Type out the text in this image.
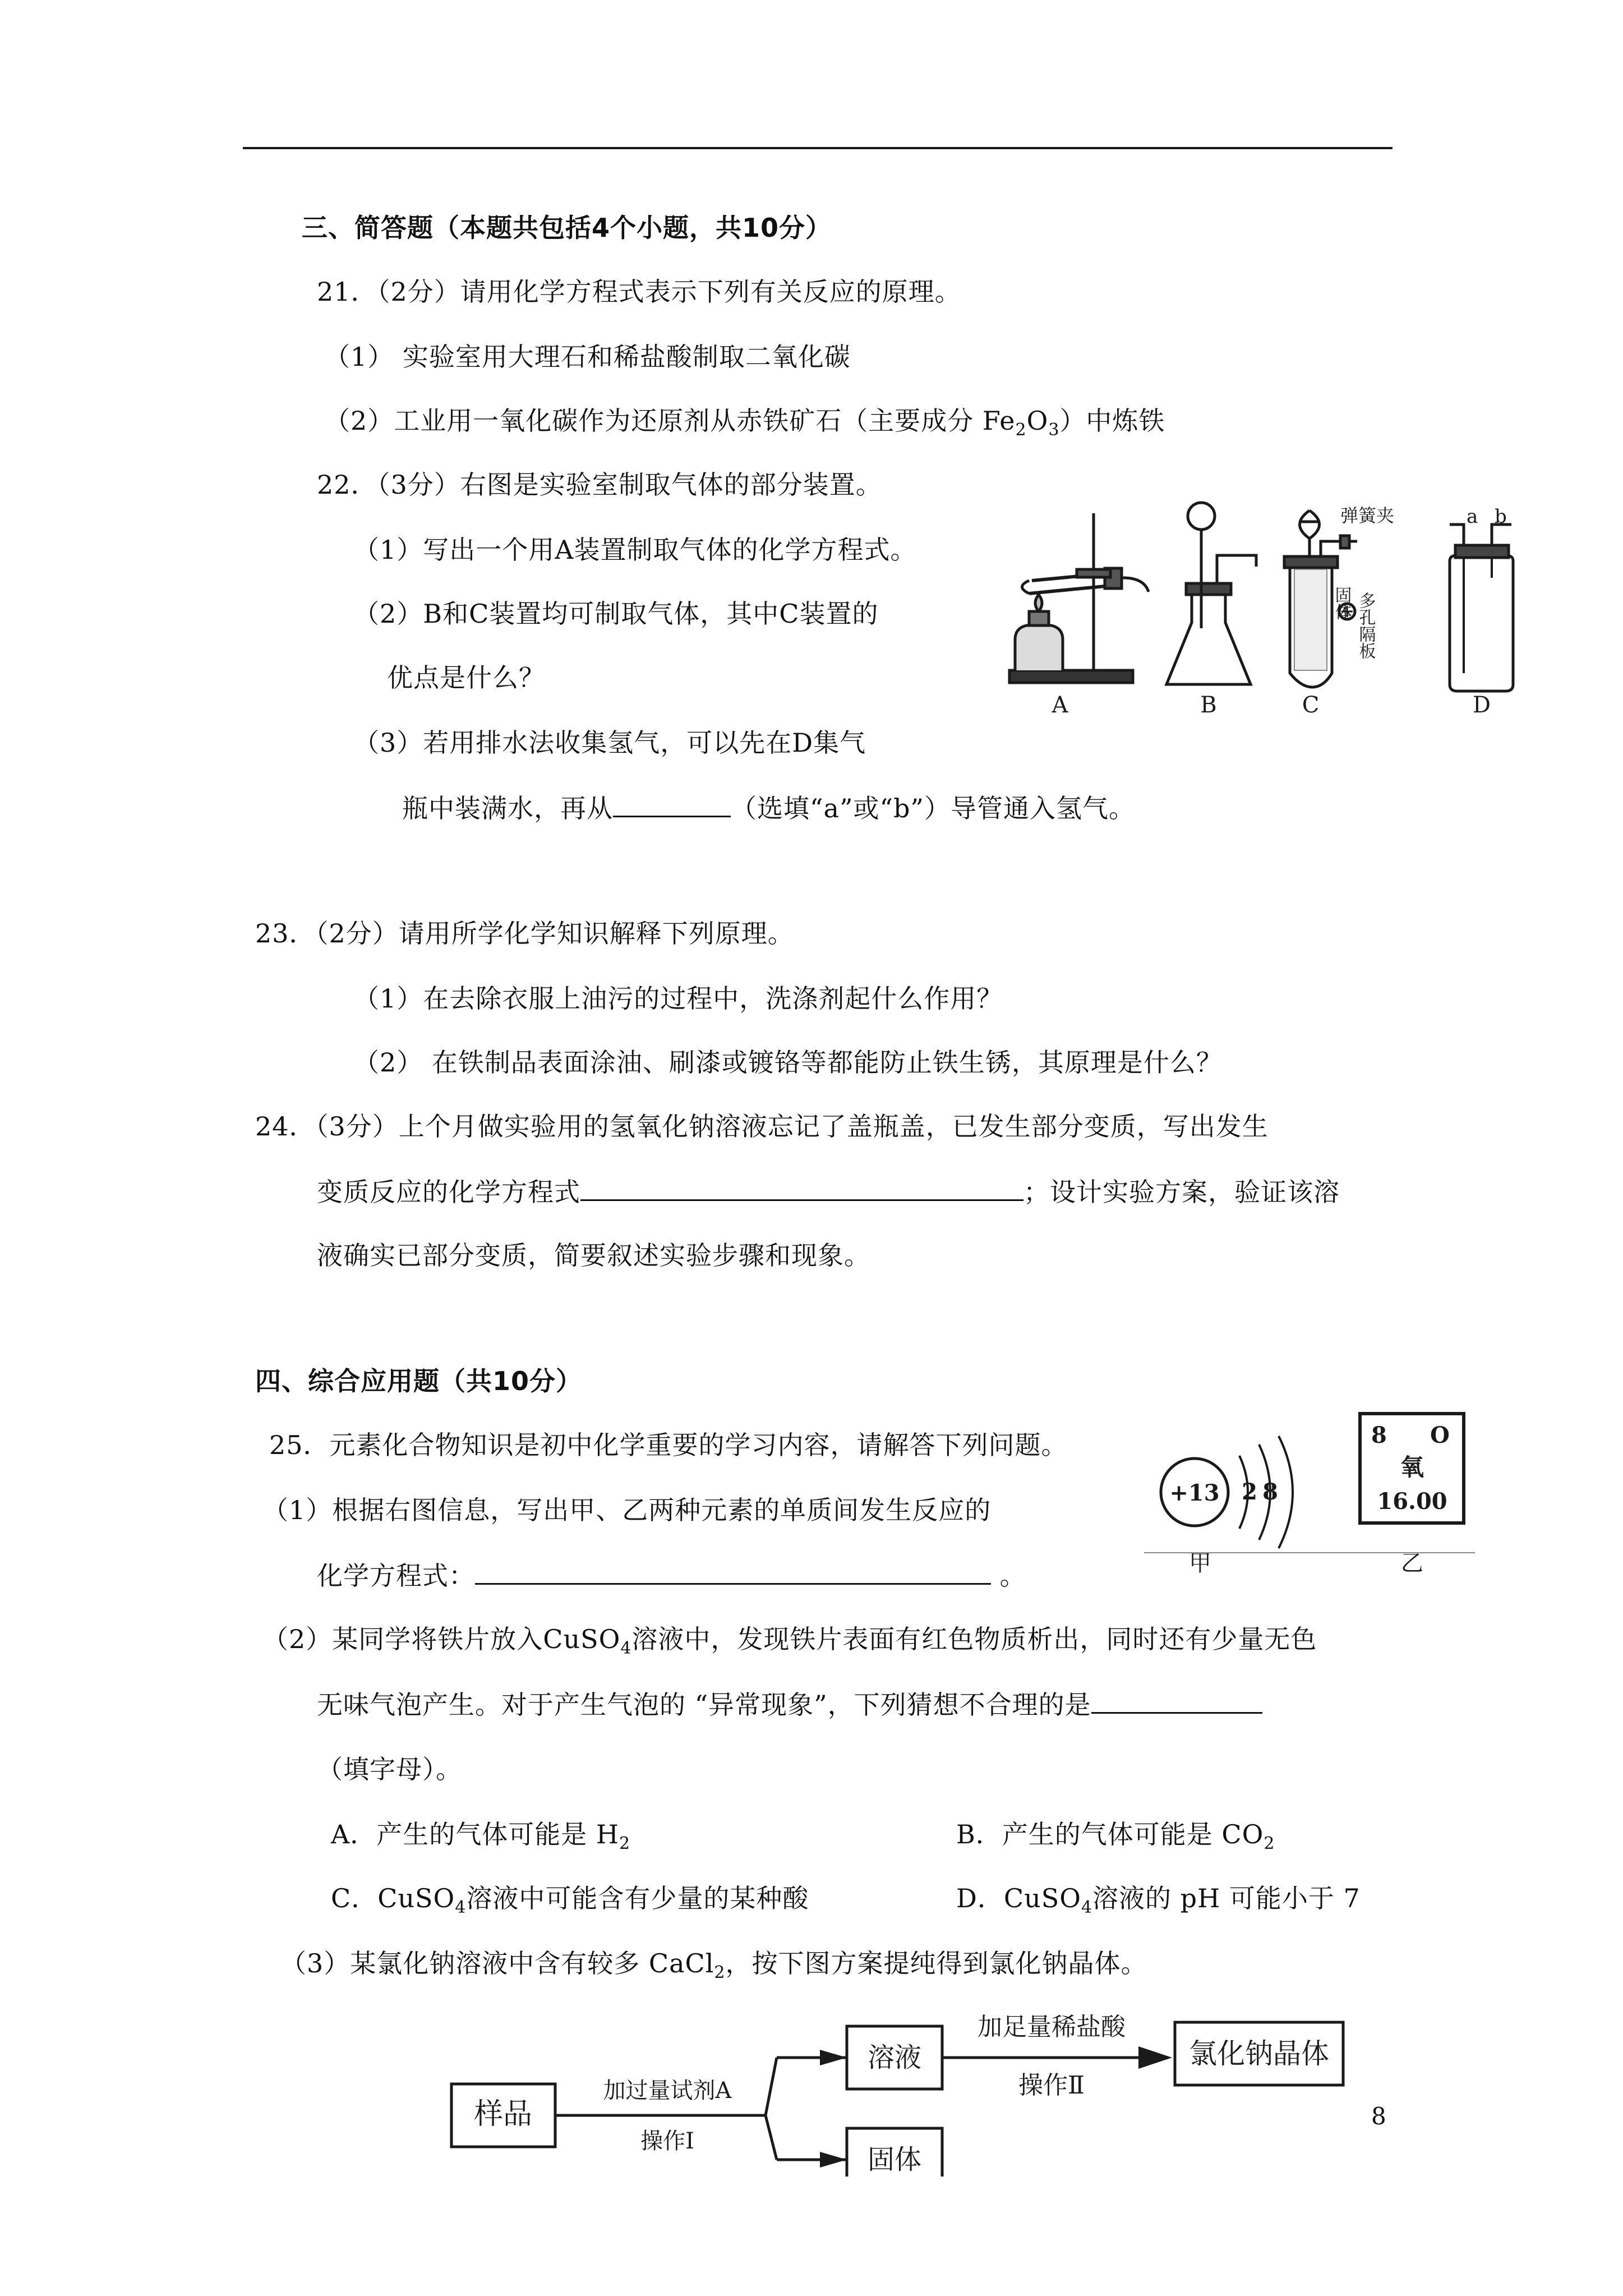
三、简答题（本题共包括4个小题，共10分）
21．（2分）请用化学方程式表示下列有关反应的原理。
（1） 实验室用大理石和稀盐酸制取二氧化碳
（2）工业用一氧化碳作为还原剂从赤铁矿石（主要成分 $Fe_2O_3$）中炼铁
22．（3分）右图是实验室制取气体的部分装置。
（1）写出一个用A装置制取气体的化学方程式。
（2）B和C装置均可制取气体，其中C装置的
优点是什么？
（3）若用排水法收集氢气，可以先在D集气
瓶中装满水，再从	（选填“a”或“b”）导管通入氢气。
A	B	C	D
弹簧夹	a b
固体 多孔隔板
23．（2分）请用所学化学知识解释下列原理。
（1）在去除衣服上油污的过程中，洗涤剂起什么作用？
（2） 在铁制品表面涂油、刷漆或镀铬等都能防止铁生锈，其原理是什么？
24．（3分）上个月做实验用的氢氧化钠溶液忘记了盖瓶盖，已发生部分变质，写出发生
变质反应的化学方程式	；设计实验方案，验证该溶
液确实已部分变质，简要叙述实验步骤和现象。
四、综合应用题（共10分）
25．元素化合物知识是初中化学重要的学习内容，请解答下列问题。
（1）根据右图信息，写出甲、乙两种元素的单质间发生反应的
化学方程式：	。
+13 2 8
甲
8 O
氧
16.00
乙
（2）某同学将铁片放入CuSO$_4$溶液中，发现铁片表面有红色物质析出，同时还有少量无色
无味气泡产生。对于产生气泡的 “异常现象”，下列猜想不合理的是
（填字母）。
A．产生的气体可能是 $H_2$	B．产生的气体可能是 $CO_2$
C．CuSO$_4$溶液中可能含有少量的某种酸	D．CuSO$_4$溶液的 pH 可能小于 7
（3）某氯化钠溶液中含有较多 CaCl$_2$，按下图方案提纯得到氯化钠晶体。
样品
加过量试剂A
操作Ⅰ
溶液
固体
加足量稀盐酸
操作Ⅱ
氯化钠晶体
8
